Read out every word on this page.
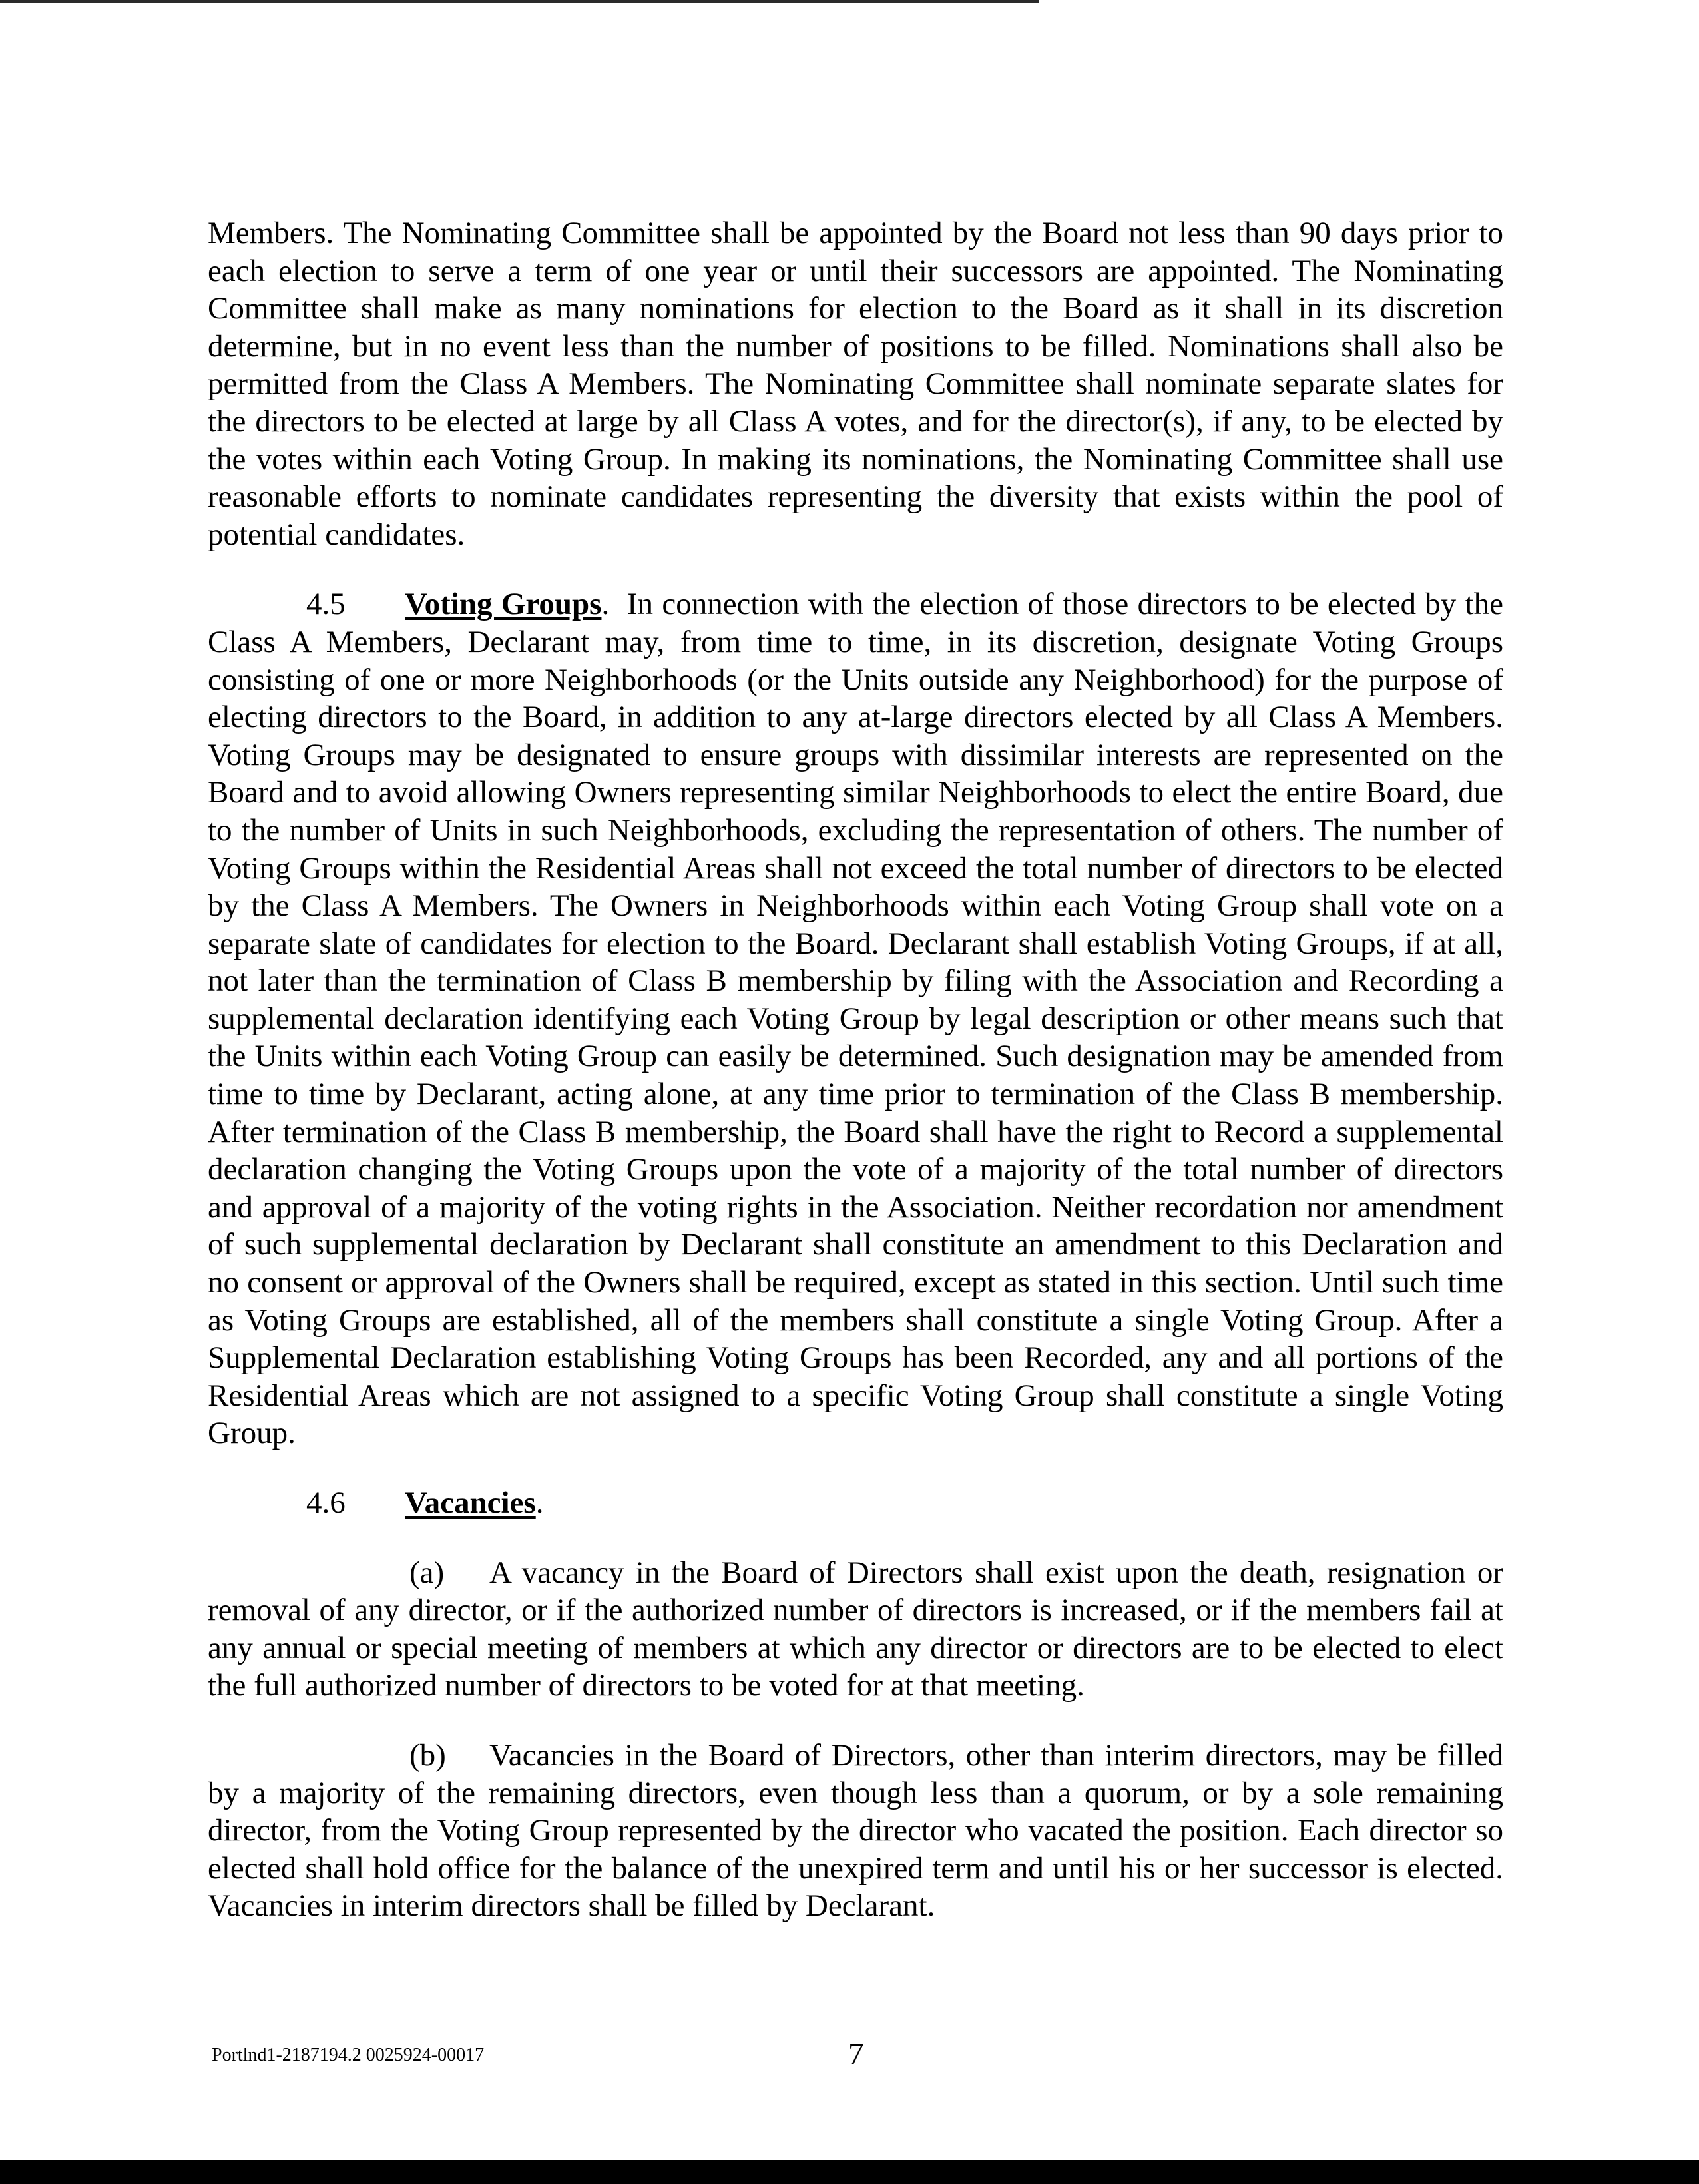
Members. The Nominating Committee shall be appointed by the Board not less than 90 days prior to each election to serve a term of one year or until their successors are appointed. The Nominating Committee shall make as many nominations for election to the Board as it shall in its discretion determine, but in no event less than the number of positions to be filled. Nominations shall also be permitted from the Class A Members. The Nominating Committee shall nominate separate slates for the directors to be elected at large by all Class A votes, and for the director(s), if any, to be elected by the votes within each Voting Group. In making its nominations, the Nominating Committee shall use reasonable efforts to nominate candidates representing the diversity that exists within the pool of potential candidates.

4.5 Voting Groups. In connection with the election of those directors to be elected by the Class A Members, Declarant may, from time to time, in its discretion, designate Voting Groups consisting of one or more Neighborhoods (or the Units outside any Neighborhood) for the purpose of electing directors to the Board, in addition to any at-large directors elected by all Class A Members. Voting Groups may be designated to ensure groups with dissimilar interests are represented on the Board and to avoid allowing Owners representing similar Neighborhoods to elect the entire Board, due to the number of Units in such Neighborhoods, excluding the representation of others. The number of Voting Groups within the Residential Areas shall not exceed the total number of directors to be elected by the Class A Members. The Owners in Neighborhoods within each Voting Group shall vote on a separate slate of candidates for election to the Board. Declarant shall establish Voting Groups, if at all, not later than the termination of Class B membership by filing with the Association and Recording a supplemental declaration identifying each Voting Group by legal description or other means such that the Units within each Voting Group can easily be determined. Such designation may be amended from time to time by Declarant, acting alone, at any time prior to termination of the Class B membership. After termination of the Class B membership, the Board shall have the right to Record a supplemental declaration changing the Voting Groups upon the vote of a majority of the total number of directors and approval of a majority of the voting rights in the Association. Neither recordation nor amendment of such supplemental declaration by Declarant shall constitute an amendment to this Declaration and no consent or approval of the Owners shall be required, except as stated in this section. Until such time as Voting Groups are established, all of the members shall constitute a single Voting Group. After a Supplemental Declaration establishing Voting Groups has been Recorded, any and all portions of the Residential Areas which are not assigned to a specific Voting Group shall constitute a single Voting Group.

4.6 Vacancies.

(a) A vacancy in the Board of Directors shall exist upon the death, resignation or removal of any director, or if the authorized number of directors is increased, or if the members fail at any annual or special meeting of members at which any director or directors are to be elected to elect the full authorized number of directors to be voted for at that meeting.

(b) Vacancies in the Board of Directors, other than interim directors, may be filled by a majority of the remaining directors, even though less than a quorum, or by a sole remaining director, from the Voting Group represented by the director who vacated the position. Each director so elected shall hold office for the balance of the unexpired term and until his or her successor is elected. Vacancies in interim directors shall be filled by Declarant.

Portlnd1-2187194.2 0025924-00017	7
